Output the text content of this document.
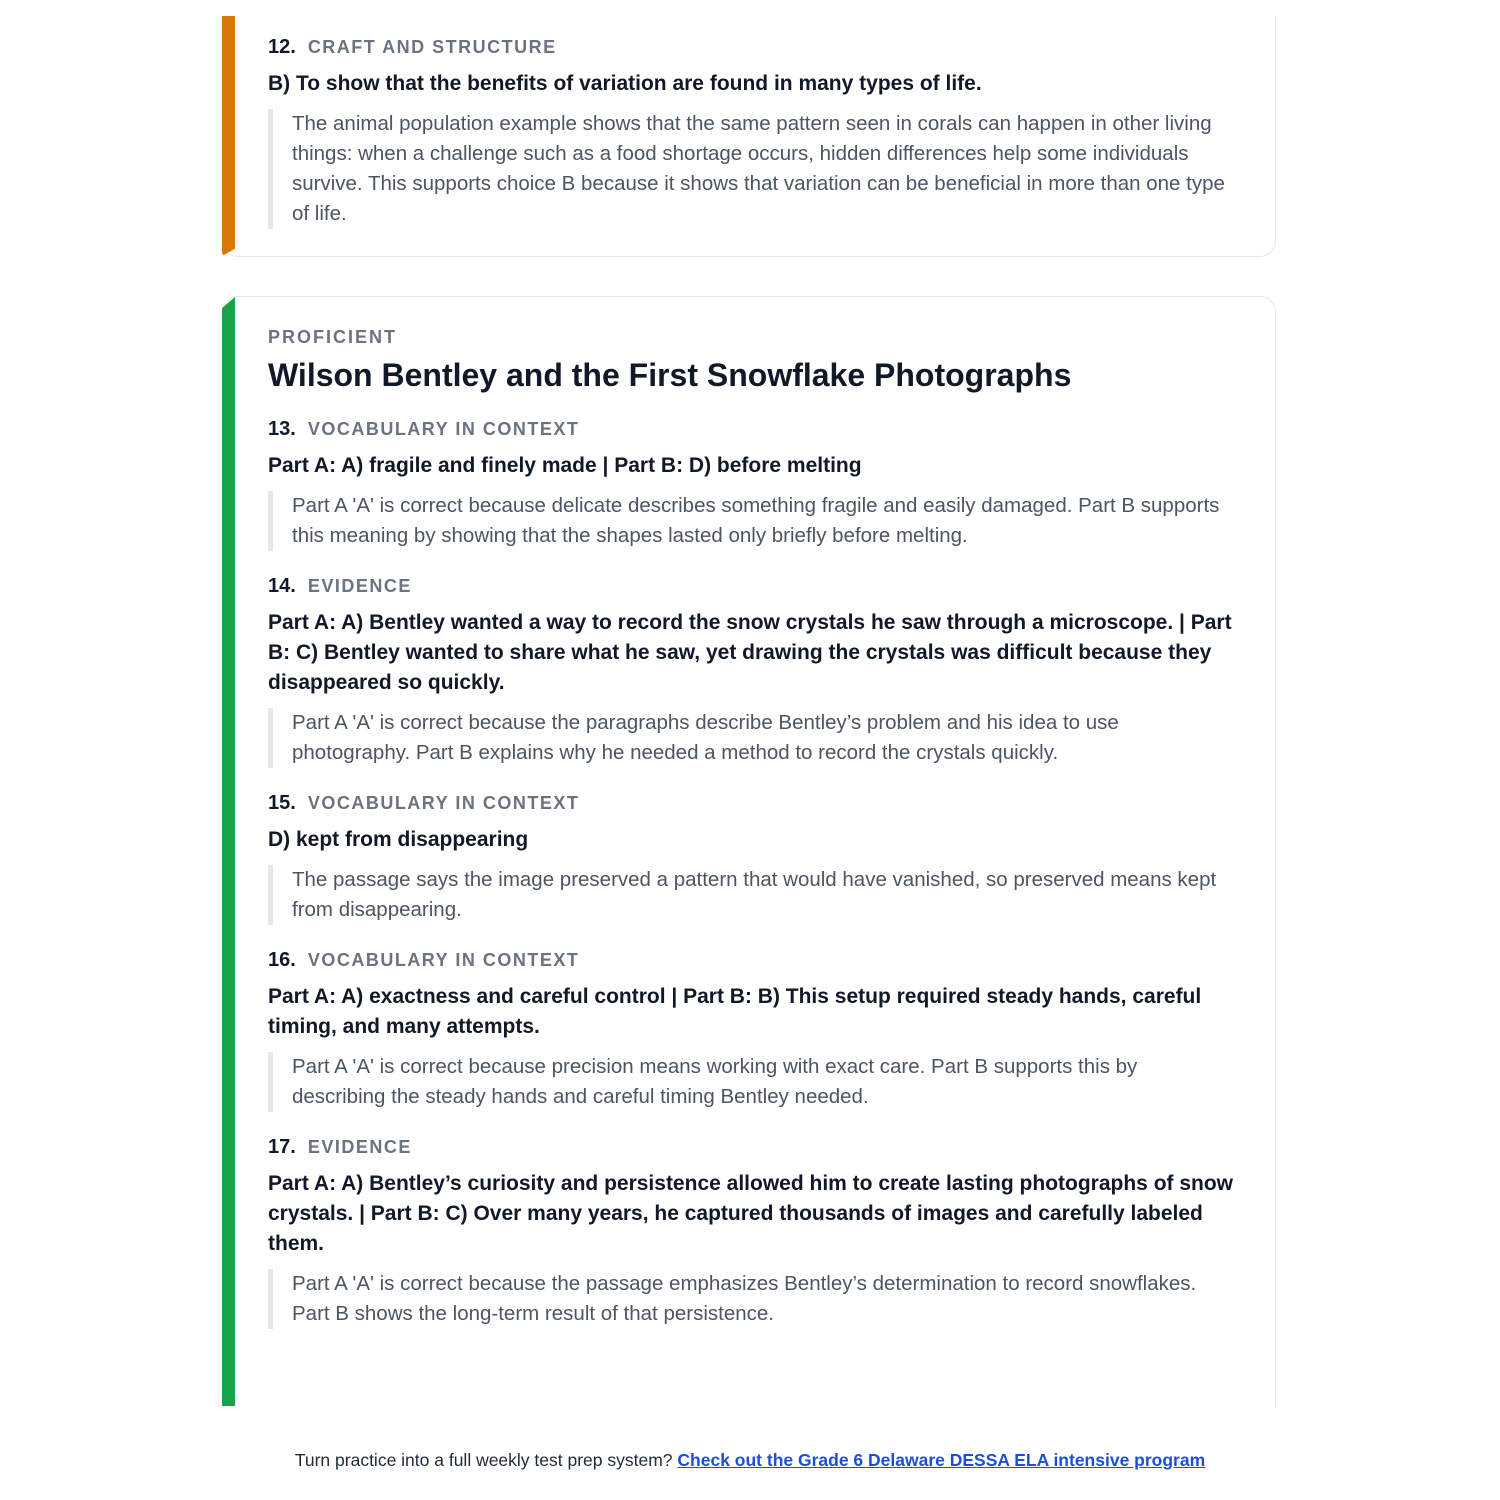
12. CRAFT AND STRUCTURE
B) To show that the benefits of variation are found in many types of life.
The animal population example shows that the same pattern seen in corals can happen in other living things: when a challenge such as a food shortage occurs, hidden differences help some individuals survive. This supports choice B because it shows that variation can be beneficial in more than one type of life.
PROFICIENT
Wilson Bentley and the First Snowflake Photographs
13. VOCABULARY IN CONTEXT
Part A: A) fragile and finely made | Part B: D) before melting
Part A 'A' is correct because delicate describes something fragile and easily damaged. Part B supports this meaning by showing that the shapes lasted only briefly before melting.
14. EVIDENCE
Part A: A) Bentley wanted a way to record the snow crystals he saw through a microscope. | Part B: C) Bentley wanted to share what he saw, yet drawing the crystals was difficult because they disappeared so quickly.
Part A 'A' is correct because the paragraphs describe Bentley’s problem and his idea to use photography. Part B explains why he needed a method to record the crystals quickly.
15. VOCABULARY IN CONTEXT
D) kept from disappearing
The passage says the image preserved a pattern that would have vanished, so preserved means kept from disappearing.
16. VOCABULARY IN CONTEXT
Part A: A) exactness and careful control | Part B: B) This setup required steady hands, careful timing, and many attempts.
Part A 'A' is correct because precision means working with exact care. Part B supports this by describing the steady hands and careful timing Bentley needed.
17. EVIDENCE
Part A: A) Bentley’s curiosity and persistence allowed him to create lasting photographs of snow crystals. | Part B: C) Over many years, he captured thousands of images and carefully labeled them.
Part A 'A' is correct because the passage emphasizes Bentley’s determination to record snowflakes. Part B shows the long-term result of that persistence.
Turn practice into a full weekly test prep system? Check out the Grade 6 Delaware DESSA ELA intensive program
